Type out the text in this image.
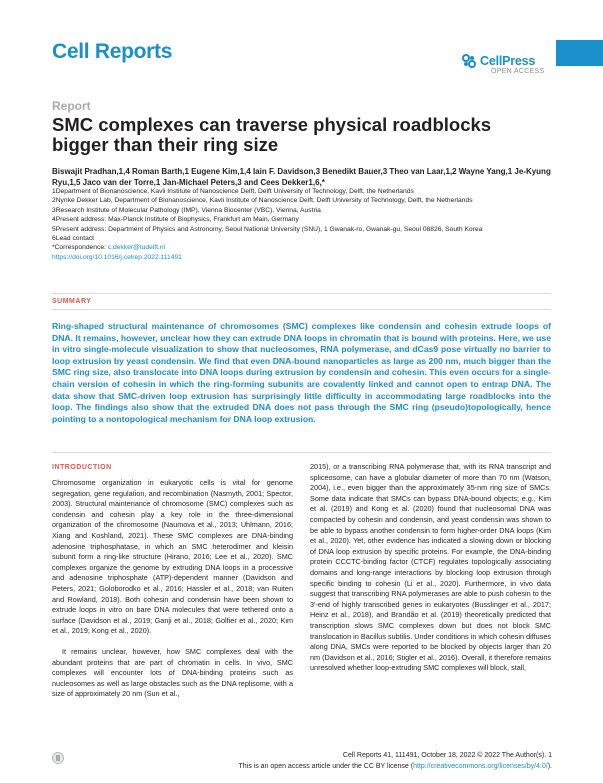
Cell Reports	CellPress
OPEN ACCESS
Report
SMC complexes can traverse physical roadblocks bigger than their ring size
Biswajit Pradhan,1,4 Roman Barth,1 Eugene Kim,1,4 Iain F. Davidson,3 Benedikt Bauer,3 Theo van Laar,1,2 Wayne Yang,1 Je-Kyung Ryu,1,5 Jaco van der Torre,1 Jan-Michael Peters,3 and Cees Dekker1,6,*
1Department of Bionanoscience, Kavli Institute of Nanoscience Delft, Delft University of Technology, Delft, the Netherlands
2Nynke Dekker Lab, Department of Bionanoscience, Kavli Institute of Nanoscience Delft, Delft University of Technology, Delft, the Netherlands
3Research Institute of Molecular Pathology (IMP), Vienna Biocenter (VBC), Vienna, Austria
4Present address: Max-Planck Institute of Biophysics, Frankfurt am Main, Germany
5Present address: Department of Physics and Astronomy, Seoul National University (SNU), 1 Gwanak-ro, Gwanak-gu, Seoul 08826, South Korea
6Lead contact
*Correspondence: c.dekker@tudelft.nl
https://doi.org/10.1016/j.celrep.2022.111491
SUMMARY
Ring-shaped structural maintenance of chromosomes (SMC) complexes like condensin and cohesin extrude loops of DNA. It remains, however, unclear how they can extrude DNA loops in chromatin that is bound with proteins. Here, we use in vitro single-molecule visualization to show that nucleosomes, RNA polymerase, and dCas9 pose virtually no barrier to loop extrusion by yeast condensin. We find that even DNA-bound nanoparticles as large as 200 nm, much bigger than the SMC ring size, also translocate into DNA loops during extrusion by condensin and cohesin. This even occurs for a single-chain version of cohesin in which the ring-forming subunits are covalently linked and cannot open to entrap DNA. The data show that SMC-driven loop extrusion has surprisingly little difficulty in accommodating large roadblocks into the loop. The findings also show that the extruded DNA does not pass through the SMC ring (pseudo)topologically, hence pointing to a nontopological mechanism for DNA loop extrusion.
INTRODUCTION

Chromosome organization in eukaryotic cells is vital for genome segregation, gene regulation, and recombination (Nasmyth, 2001; Spector, 2003). Structural maintenance of chromosome (SMC) complexes such as condensin and cohesin play a key role in the three-dimensional organization of the chromosome (Naumova et al., 2013; Uhlmann, 2016; Xiang and Koshland, 2021). These SMC complexes are DNA-binding adenosine triphosphatase, in which an SMC heterodimer and kleisin subunit form a ring-like structure (Hirano, 2016; Lee et al., 2020). SMC complexes organize the genome by extruding DNA loops in a processive and adenosine triphosphate (ATP)-dependent manner (Davidson and Peters, 2021; Goloborodko et al., 2016; Hassler et al., 2018; van Ruiten and Rowland, 2018). Both cohesin and condensin have been shown to extrude loops in vitro on bare DNA molecules that were tethered onto a surface (Davidson et al., 2019; Ganji et al., 2018; Golfier et al., 2020; Kim et al., 2019; Kong et al., 2020).

It remains unclear, however, how SMC complexes deal with the abundant proteins that are part of chromatin in cells. In vivo, SMC complexes will encounter lots of DNA-binding proteins such as nucleosomes as well as large obstacles such as the DNA replisome, with a size of approximately 20 nm (Sun et al.,

2015), or a transcribing RNA polymerase that, with its RNA transcript and spliceosome, can have a globular diameter of more than 70 nm (Watson, 2004), i.e., even bigger than the approximately 35-nm ring size of SMCs. Some data indicate that SMCs can bypass DNA-bound objects; e.g., Kim et al. (2019) and Kong et al. (2020) found that nucleosomal DNA was compacted by cohesin and condensin, and yeast condensin was shown to be able to bypass another condensin to form higher-order DNA loops (Kim et al., 2020). Yet, other evidence has indicated a slowing down or blocking of DNA loop extrusion by specific proteins. For example, the DNA-binding protein CCCTC-binding factor (CTCF) regulates topologically associating domains and long-range interactions by blocking loop extrusion through specific binding to cohesin (Li et al., 2020). Furthermore, in vivo data suggest that transcribing RNA polymerases are able to push cohesin to the 3'-end of highly transcribed genes in eukaryotes (Busslinger et al., 2017; Heinz et al., 2018), and Brandão et al. (2019) theoretically predicted that transcription slows SMC complexes down but does not block SMC translocation in Bacillus subtilis. Under conditions in which cohesin diffuses along DNA, SMCs were reported to be blocked by objects larger than 20 nm (Davidson et al., 2016; Stigler et al., 2016). Overall, it therefore remains unresolved whether loop-extruding SMC complexes will block, stall,

Cell Reports 41, 111491, October 18, 2022 © 2022 The Author(s). 1
This is an open access article under the CC BY license (http://creativecommons.org/licenses/by/4.0/).
